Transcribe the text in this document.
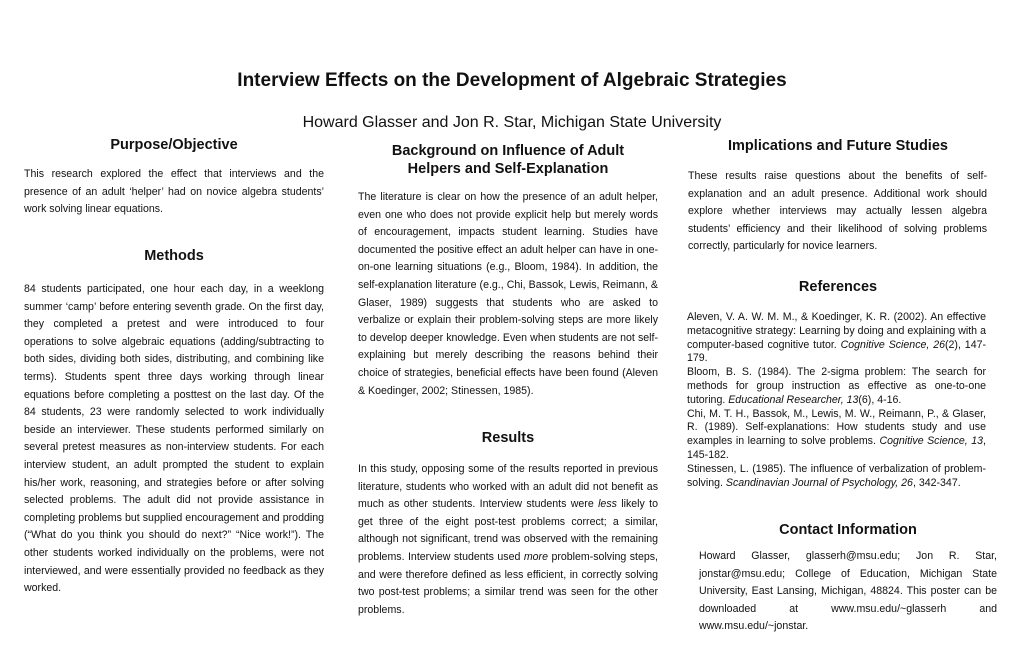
Interview Effects on the Development of Algebraic Strategies
Howard Glasser and Jon R. Star, Michigan State University
Purpose/Objective
This research explored the effect that interviews and the presence of an adult ‘helper’ had on novice algebra students’ work solving linear equations.
Methods
84 students participated, one hour each day, in a weeklong summer ‘camp’ before entering seventh grade. On the first day, they completed a pretest and were introduced to four operations to solve algebraic equations (adding/subtracting to both sides, dividing both sides, distributing, and combining like terms). Students spent three days working through linear equations before completing a posttest on the last day. Of the 84 students, 23 were randomly selected to work individually beside an interviewer. These students performed similarly on several pretest measures as non-interview students. For each interview student, an adult prompted the student to explain his/her work, reasoning, and strategies before or after solving selected problems. The adult did not provide assistance in completing problems but supplied encouragement and prodding (“What do you think you should do next?” “Nice work!”). The other students worked individually on the problems, were not interviewed, and were essentially provided no feedback as they worked.
Background on Influence of Adult
Helpers and Self-Explanation
The literature is clear on how the presence of an adult helper, even one who does not provide explicit help but merely words of encouragement, impacts student learning. Studies have documented the positive effect an adult helper can have in one-on-one learning situations (e.g., Bloom, 1984). In addition, the self-explanation literature (e.g., Chi, Bassok, Lewis, Reimann, & Glaser, 1989) suggests that students who are asked to verbalize or explain their problem-solving steps are more likely to develop deeper knowledge. Even when students are not self-explaining but merely describing the reasons behind their choice of strategies, beneficial effects have been found (Aleven & Koedinger, 2002; Stinessen, 1985).
Results
In this study, opposing some of the results reported in previous literature, students who worked with an adult did not benefit as much as other students. Interview students were less likely to get three of the eight post-test problems correct; a similar, although not significant, trend was observed with the remaining problems. Interview students used more problem-solving steps, and were therefore defined as less efficient, in correctly solving two post-test problems; a similar trend was seen for the other problems.
Implications and Future Studies
These results raise questions about the benefits of self-explanation and an adult presence. Additional work should explore whether interviews may actually lessen algebra students’ efficiency and their likelihood of solving problems correctly, particularly for novice learners.
References
Aleven, V. A. W. M. M., & Koedinger, K. R. (2002). An effective metacognitive strategy: Learning by doing and explaining with a computer-based cognitive tutor. Cognitive Science, 26(2), 147-179.
Bloom, B. S. (1984). The 2-sigma problem: The search for methods for group instruction as effective as one-to-one tutoring. Educational Researcher, 13(6), 4-16.
Chi, M. T. H., Bassok, M., Lewis, M. W., Reimann, P., & Glaser, R. (1989). Self-explanations: How students study and use examples in learning to solve problems. Cognitive Science, 13, 145-182.
Stinessen, L. (1985). The influence of verbalization of problem-solving. Scandinavian Journal of Psychology, 26, 342-347.
Contact Information
Howard Glasser, glasserh@msu.edu; Jon R. Star, jonstar@msu.edu; College of Education, Michigan State University, East Lansing, Michigan, 48824. This poster can be downloaded at www.msu.edu/~glasserh and www.msu.edu/~jonstar.
